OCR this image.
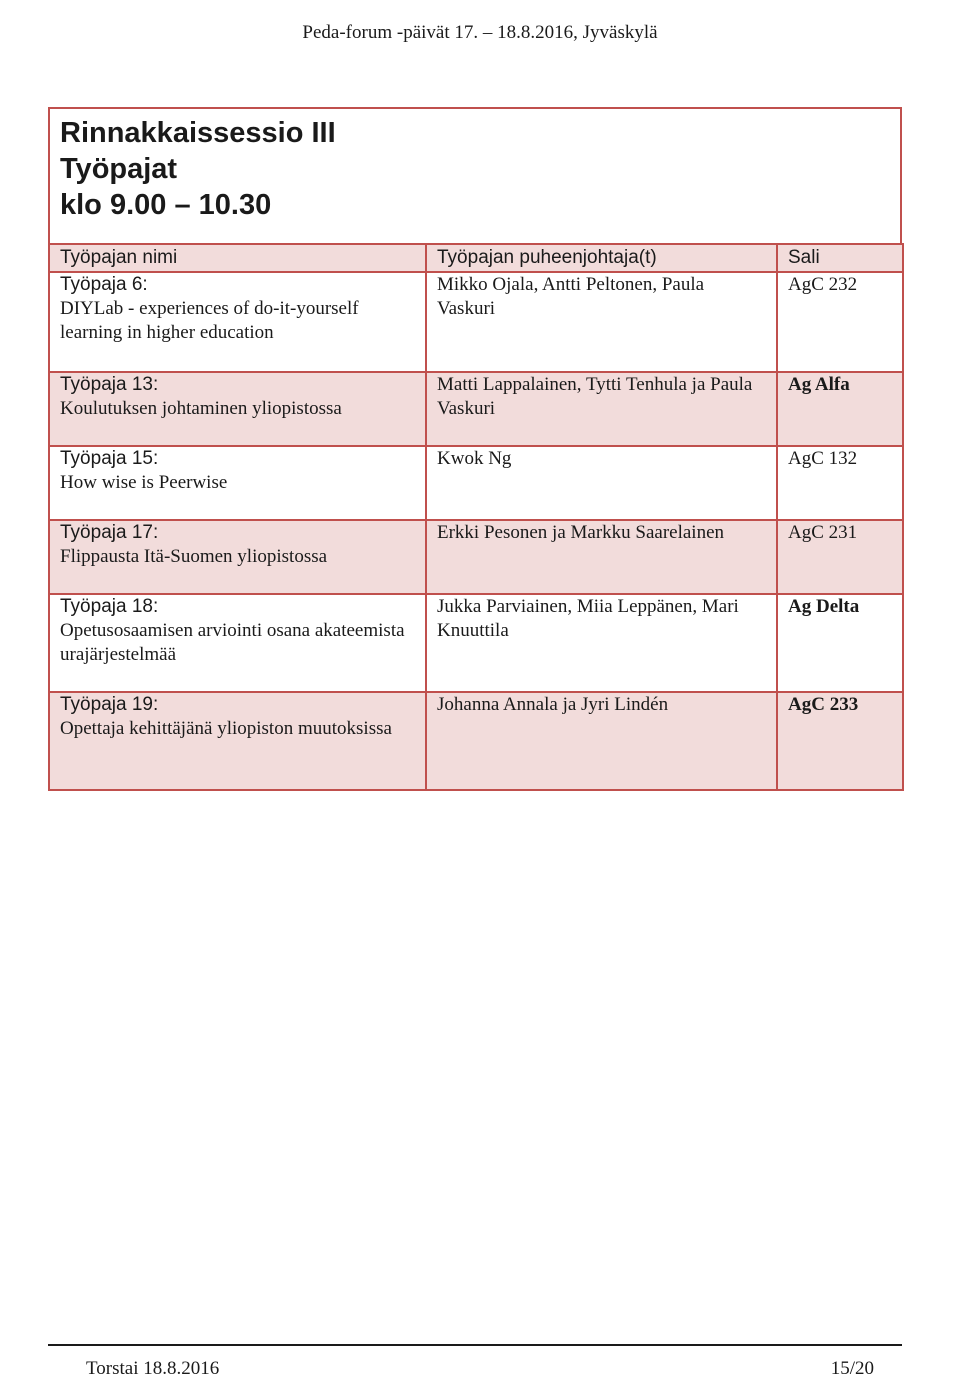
Peda-forum -päivät 17. – 18.8.2016, Jyväskylä
Rinnakkaissessio III
Työpajat
klo 9.00 – 10.30
Työpajan nimi	Työpajan puheenjohtaja(t)	Sali

Työpaja 6:
DIYLab - experiences of do-it-yourself learning in higher education	Mikko Ojala, Antti Peltonen, Paula Vaskuri	AgC 232

Työpaja 13:
Koulutuksen johtaminen yliopistossa	Matti Lappalainen, Tytti Tenhula ja Paula Vaskuri	Ag Alfa

Työpaja 15:
How wise is Peerwise	Kwok Ng	AgC 132

Työpaja 17:
Flippausta Itä-Suomen yliopistossa	Erkki Pesonen ja Markku Saarelainen	AgC 231

Työpaja 18:
Opetusosaamisen arviointi osana akateemista urajärjestelmää	Jukka Parviainen, Miia Leppänen, Mari Knuuttila	Ag Delta

Työpaja 19:
Opettaja kehittäjänä yliopiston muutoksissa	Johanna Annala ja Jyri Lindén	AgC 233
Torstai 18.8.2016	15/20
